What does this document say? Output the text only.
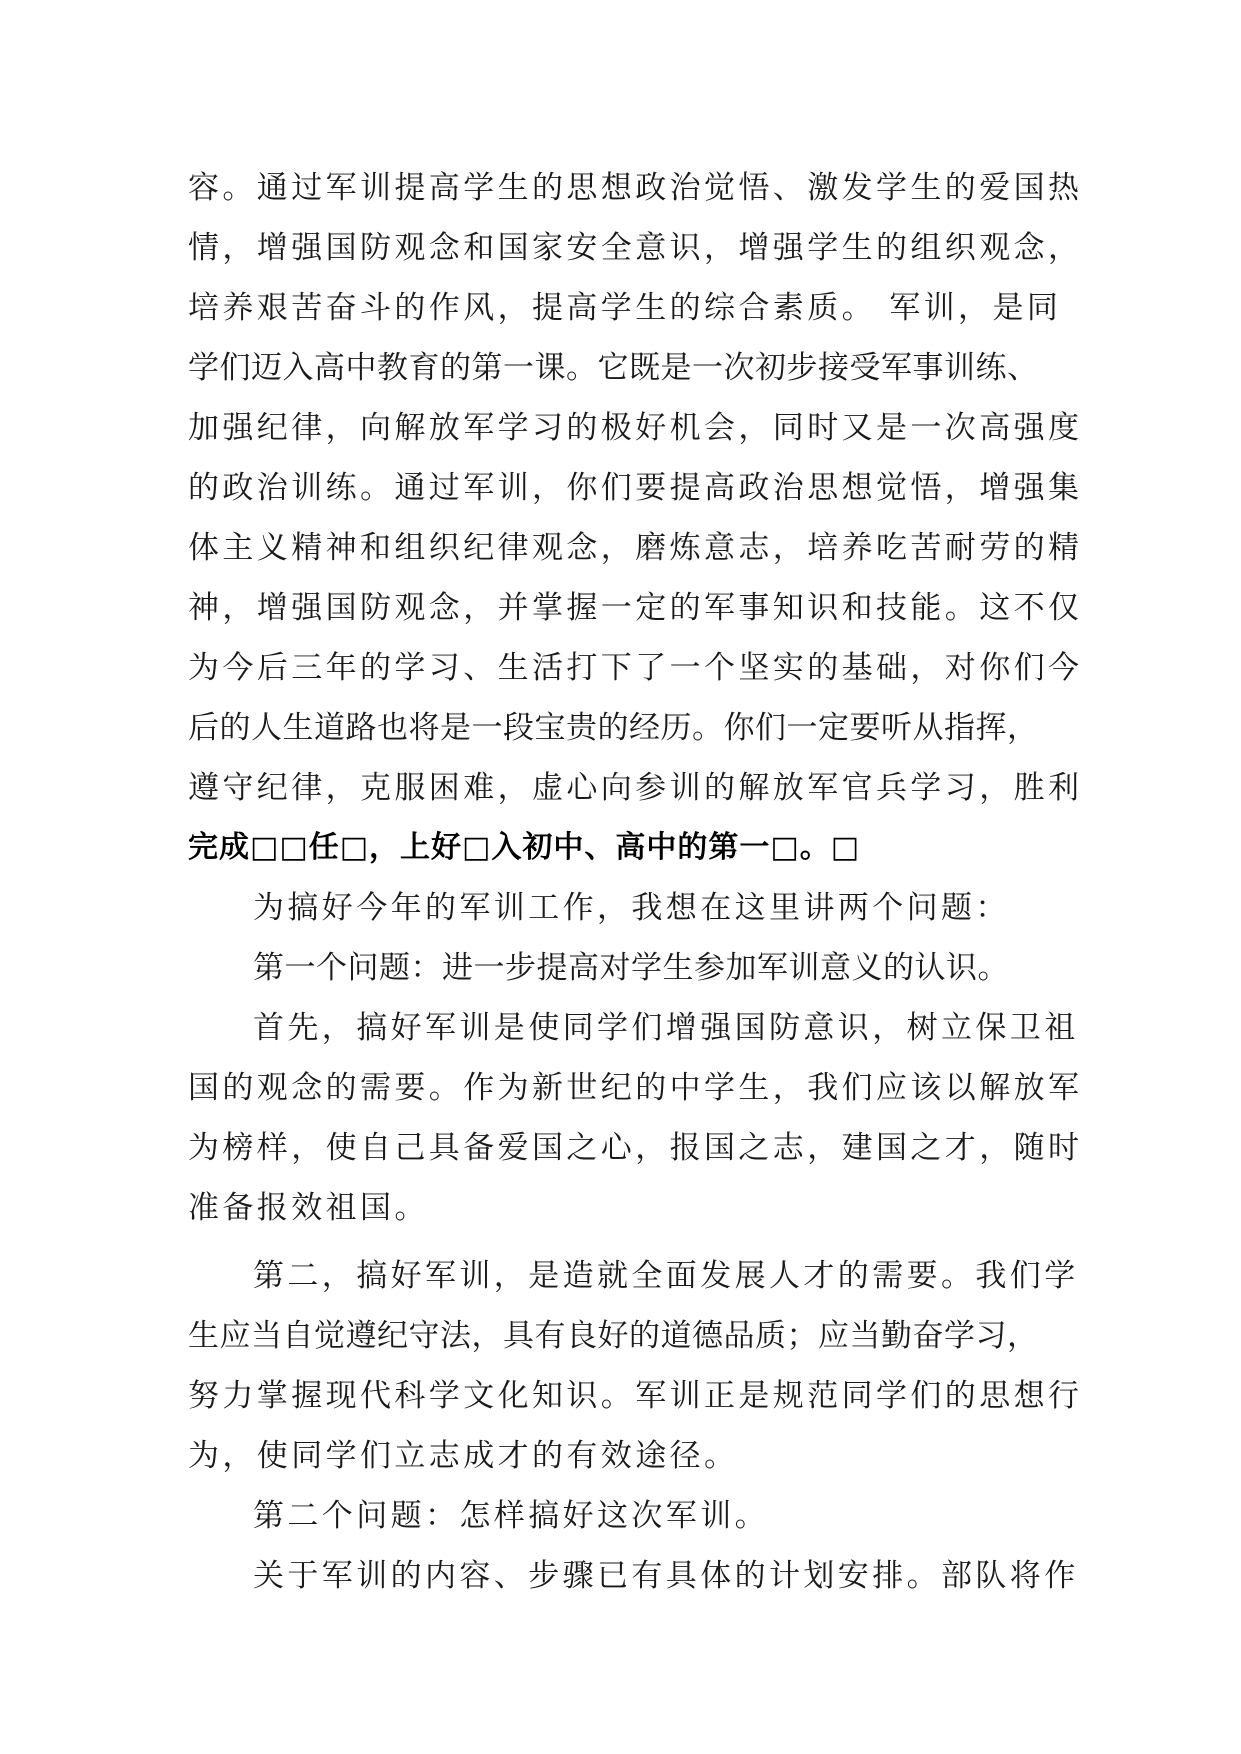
容。通过军训提高学生的思想政治觉悟、激发学生的爱国热
情，增强国防观念和国家安全意识，增强学生的组织观念，
培养艰苦奋斗的作风，提高学生的综合素质。 军训，是同
学们迈入高中教育的第一课。它既是一次初步接受军事训练、
加强纪律，向解放军学习的极好机会，同时又是一次高强度
的政治训练。通过军训，你们要提高政治思想觉悟，增强集
体主义精神和组织纪律观念，磨炼意志，培养吃苦耐劳的精
神，增强国防观念，并掌握一定的军事知识和技能。这不仅
为今后三年的学习、生活打下了一个坚实的基础，对你们今
后的人生道路也将是一段宝贵的经历。你们一定要听从指挥，
遵守纪律，克服困难，虚心向参训的解放军官兵学习，胜利
完成□□任□，上好□入初中、高中的第一□。□
为搞好今年的军训工作，我想在这里讲两个问题：
第一个问题：进一步提高对学生参加军训意义的认识。
首先，搞好军训是使同学们增强国防意识，树立保卫祖
国的观念的需要。作为新世纪的中学生，我们应该以解放军
为榜样，使自己具备爱国之心，报国之志，建国之才，随时
准备报效祖国。
第二，搞好军训，是造就全面发展人才的需要。我们学
生应当自觉遵纪守法，具有良好的道德品质；应当勤奋学习，
努力掌握现代科学文化知识。军训正是规范同学们的思想行
为，使同学们立志成才的有效途径。
第二个问题：怎样搞好这次军训。
关于军训的内容、步骤已有具体的计划安排。部队将作
